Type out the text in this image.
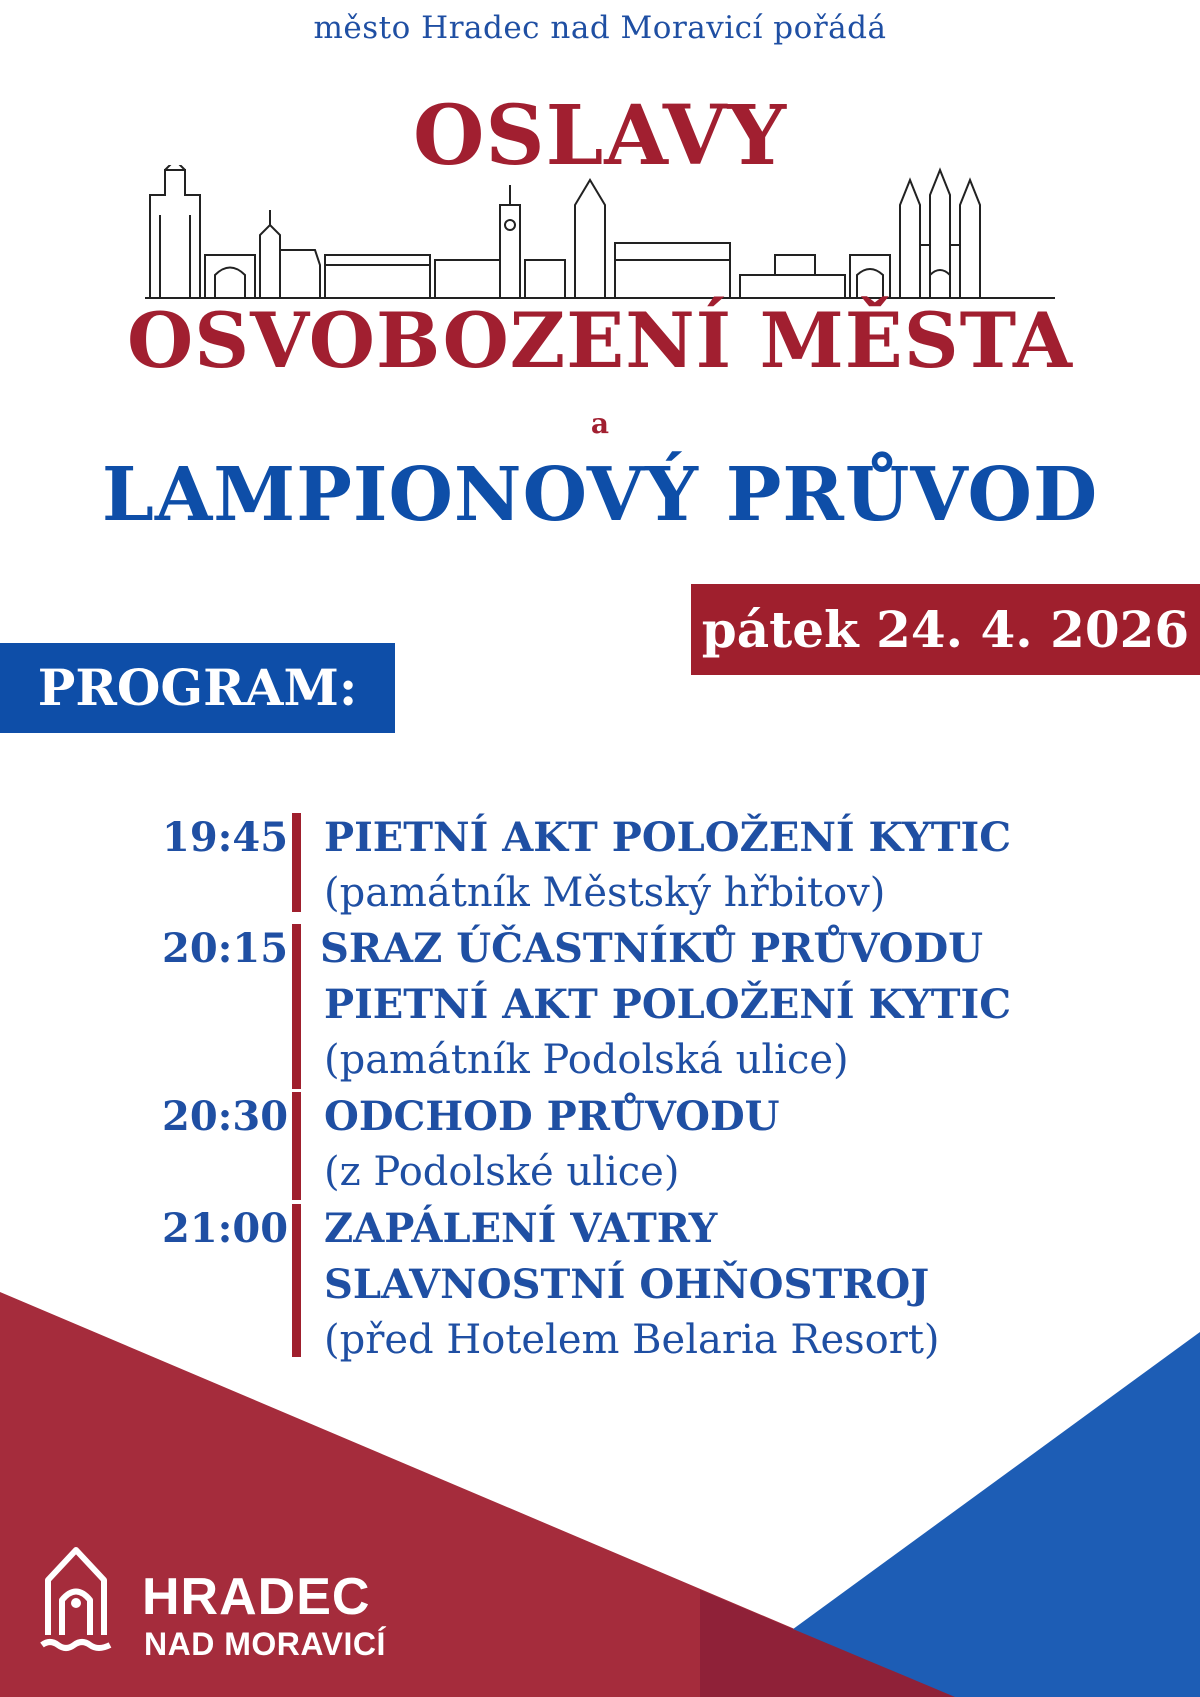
město Hradec nad Moravicí pořádá
OSLAVY
OSVOBOZENÍ MĚSTA
a
LAMPIONOVÝ PRŮVOD
pátek 24. 4. 2026
PROGRAM:
19:45 PIETNÍ AKT POLOŽENÍ KYTIC
(památník Městský hřbitov)
20:15 SRAZ ÚČASTNÍKŮ PRŮVODU
PIETNÍ AKT POLOŽENÍ KYTIC
(památník Podolská ulice)
20:30 ODCHOD PRŮVODU
(z Podolské ulice)
21:00 ZAPÁLENÍ VATRY
SLAVNOSTNÍ OHŇOSTROJ
(před Hotelem Belaria Resort)
HRADEC
NAD MORAVICÍ
